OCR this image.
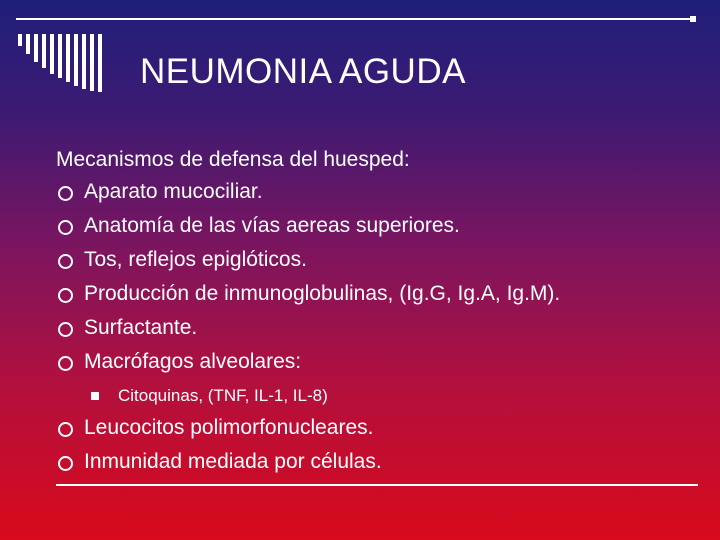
NEUMONIA AGUDA
Mecanismos de defensa del huesped:
Aparato mucociliar.
Anatomía de las vías aereas superiores.
Tos, reflejos epiglóticos.
Producción de inmunoglobulinas, (Ig.G, Ig.A, Ig.M).
Surfactante.
Macrófagos alveolares:
Citoquinas, (TNF, IL-1, IL-8)
Leucocitos polimorfonucleares.
Inmunidad mediada por células.
